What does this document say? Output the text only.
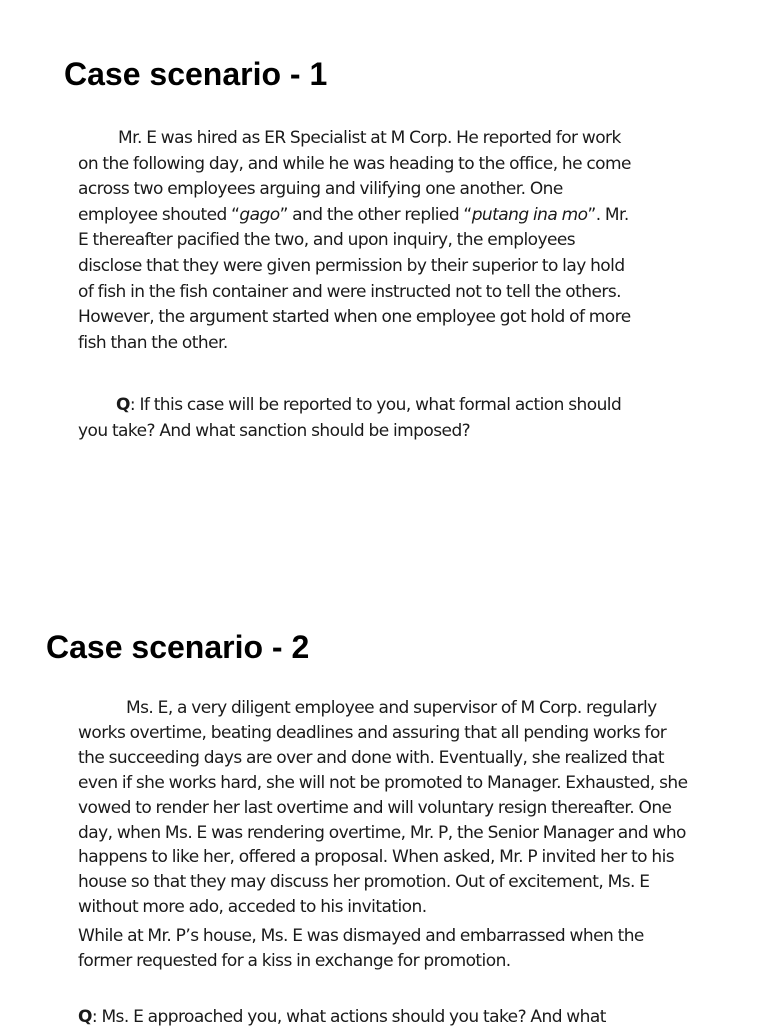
Case scenario - 1
Mr. E was hired as ER Specialist at M Corp. He reported for work
on the following day, and while he was heading to the office, he come
across two employees arguing and vilifying one another. One
employee shouted “gago” and the other replied “putang ina mo”. Mr.
E thereafter pacified the two, and upon inquiry, the employees
disclose that they were given permission by their superior to lay hold
of fish in the fish container and were instructed not to tell the others.
However, the argument started when one employee got hold of more
fish than the other.
Q: If this case will be reported to you, what formal action should
you take? And what sanction should be imposed?
Case scenario - 2
Ms. E, a very diligent employee and supervisor of M Corp. regularly
works overtime, beating deadlines and assuring that all pending works for
the succeeding days are over and done with. Eventually, she realized that
even if she works hard, she will not be promoted to Manager. Exhausted, she
vowed to render her last overtime and will voluntary resign thereafter. One
day, when Ms. E was rendering overtime, Mr. P, the Senior Manager and who
happens to like her, offered a proposal. When asked, Mr. P invited her to his
house so that they may discuss her promotion. Out of excitement, Ms. E
without more ado, acceded to his invitation.
While at Mr. P’s house, Ms. E was dismayed and embarrassed when the
former requested for a kiss in exchange for promotion.
Q: Ms. E approached you, what actions should you take? And what
